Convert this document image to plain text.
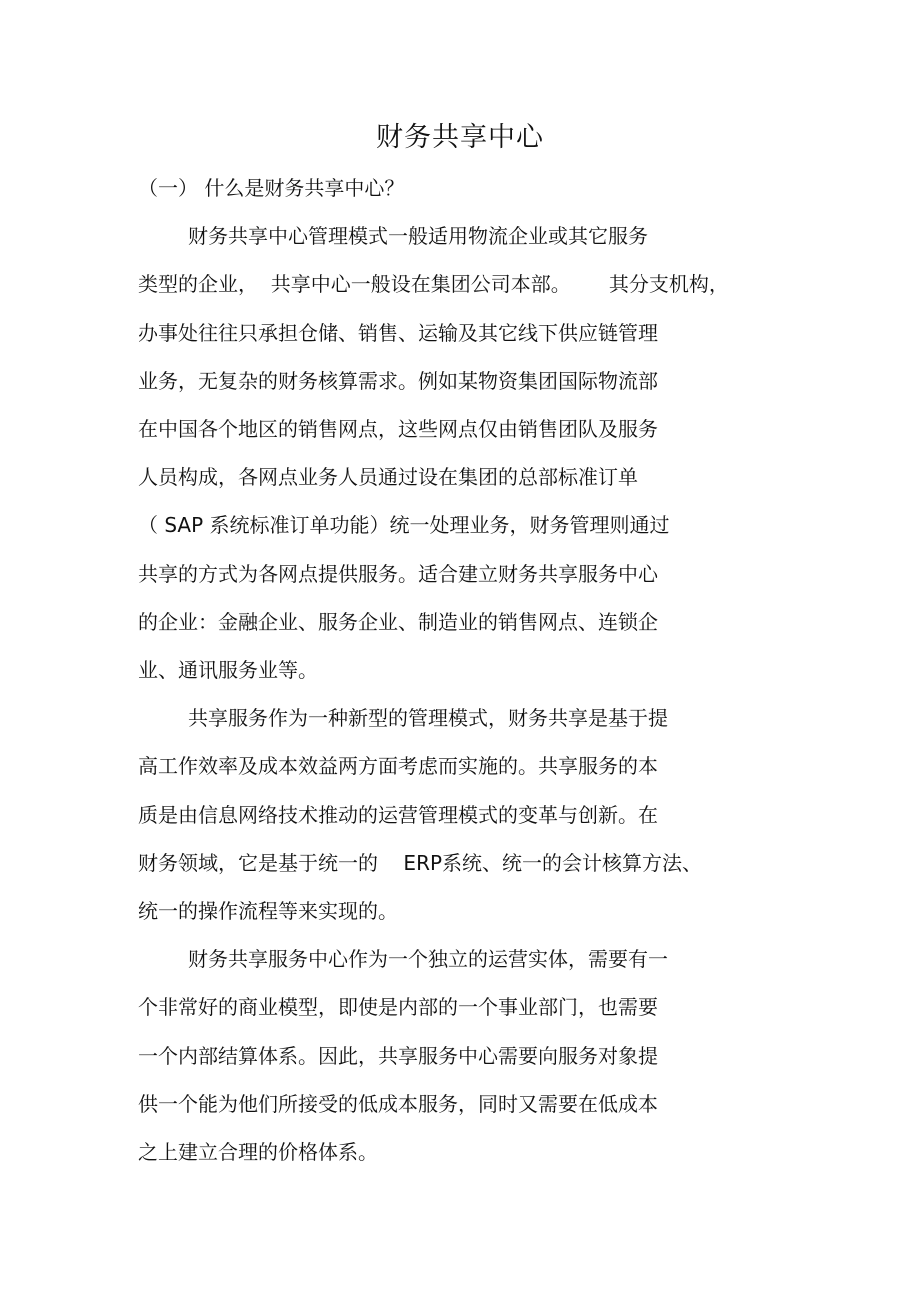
财务共享中心
（一） 什么是财务共享中心？
财务共享中心管理模式一般适用物流企业或其它服务
类型的企业，  共享中心一般设在集团公司本部。      其分支机构，
办事处往往只承担仓储、销售、运输及其它线下供应链管理
业务，无复杂的财务核算需求。例如某物资集团国际物流部
在中国各个地区的销售网点，这些网点仅由销售团队及服务
人员构成，各网点业务人员通过设在集团的总部标准订单
（ SAP 系统标准订单功能）统一处理业务，财务管理则通过
共享的方式为各网点提供服务。适合建立财务共享服务中心
的企业：金融企业、服务企业、制造业的销售网点、连锁企
业、通讯服务业等。
共享服务作为一种新型的管理模式，财务共享是基于提
高工作效率及成本效益两方面考虑而实施的。共享服务的本
质是由信息网络技术推动的运营管理模式的变革与创新。在
财务领域，它是基于统一的    ERP系统、统一的会计核算方法、
统一的操作流程等来实现的。
财务共享服务中心作为一个独立的运营实体，需要有一
个非常好的商业模型，即使是内部的一个事业部门，也需要
一个内部结算体系。因此，共享服务中心需要向服务对象提
供一个能为他们所接受的低成本服务，同时又需要在低成本
之上建立合理的价格体系。
